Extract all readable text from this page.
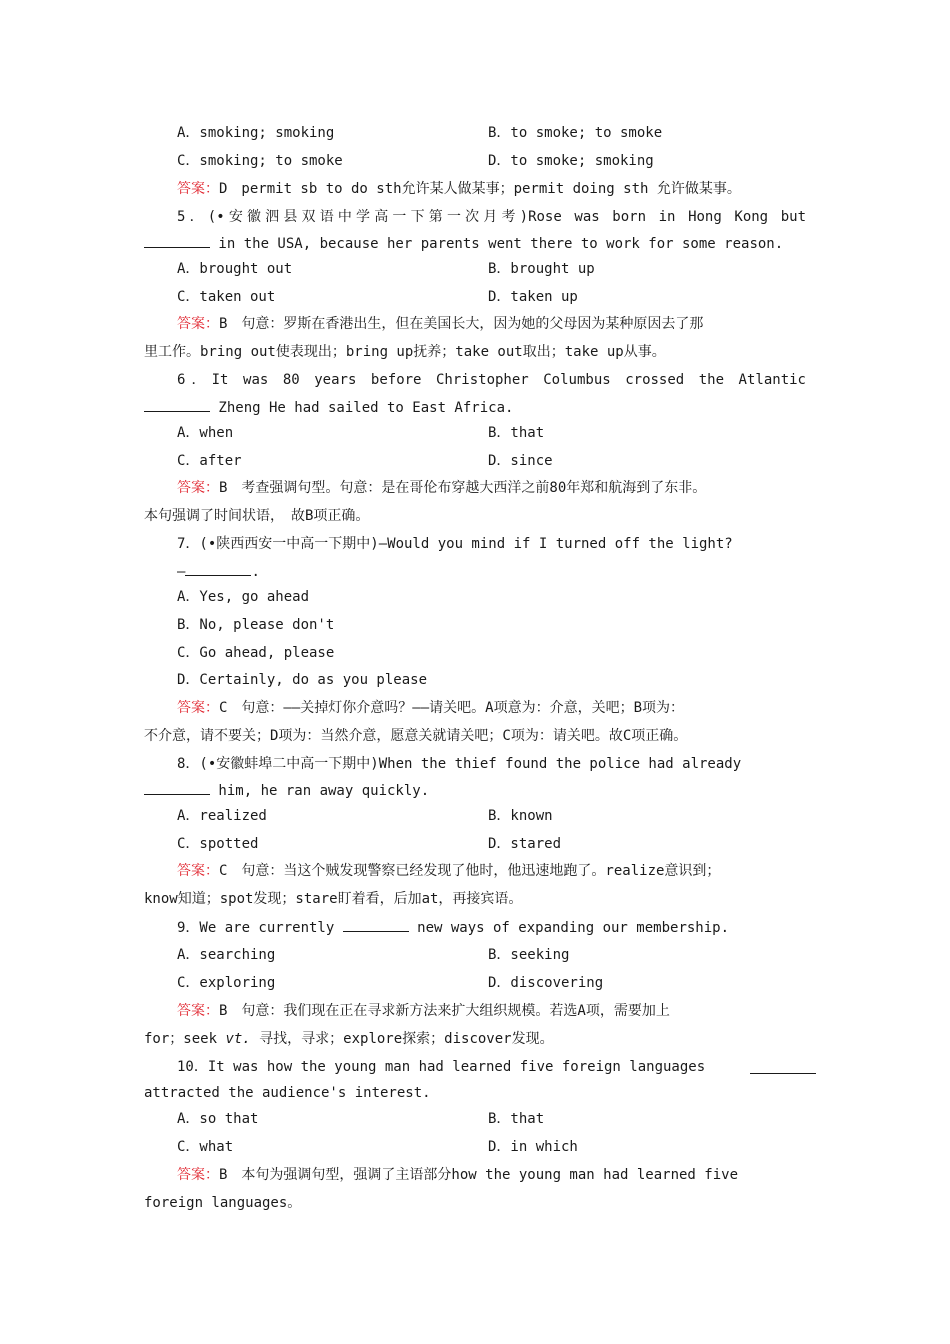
A．smoking; smoking	B．to smoke; to smoke
C．smoking; to smoke	D．to smoke; smoking
答案：D　permit sb to do sth允许某人做某事；permit doing sth 允许做某事。
5．(•安徽泗县双语中学高一下第一次月考)Rose was born in Hong Kong but
in the USA, because her parents went there to work for some reason.
A．brought out	B．brought up
C．taken out	D．taken up
答案：B　句意：罗斯在香港出生，但在美国长大，因为她的父母因为某种原因去了那
里工作。bring out使表现出；bring up抚养；take out取出；take up从事。
6．It was 80 years before Christopher Columbus crossed the Atlantic
Zheng He had sailed to East Africa.
A．when	B．that
C．after	D．since
答案：B　考查强调句型。句意：是在哥伦布穿越大西洋之前80年郑和航海到了东非。
本句强调了时间状语，　故B项正确。
7．(•陕西西安一中高一下期中)—Would you mind if I turned off the light?
—	.
A．Yes, go ahead
B．No, please don't
C．Go ahead, please
D．Certainly, do as you please
答案：C　句意：——关掉灯你介意吗？——请关吧。A项意为：介意，关吧；B项为：
不介意，请不要关；D项为：当然介意，愿意关就请关吧；C项为：请关吧。故C项正确。
8．(•安徽蚌埠二中高一下期中)When the thief found the police had already
him, he ran away quickly.
A．realized	B．known
C．spotted	D．stared
答案：C　句意：当这个贼发现警察已经发现了他时，他迅速地跑了。realize意识到；
know知道；spot发现；stare盯着看，后加at，再接宾语。
9．We are currently	new ways of expanding our membership.
A．searching	B．seeking
C．exploring	D．discovering
答案：B　句意：我们现在正在寻求新方法来扩大组织规模。若选A项，需要加上
for；seek vt. 寻找，寻求；explore探索；discover发现。
10．It was how the young man had learned five foreign languages
attracted the audience's interest.
A．so that	B．that
C．what	D．in which
答案：B　本句为强调句型，强调了主语部分how the young man had learned five
foreign languages。
